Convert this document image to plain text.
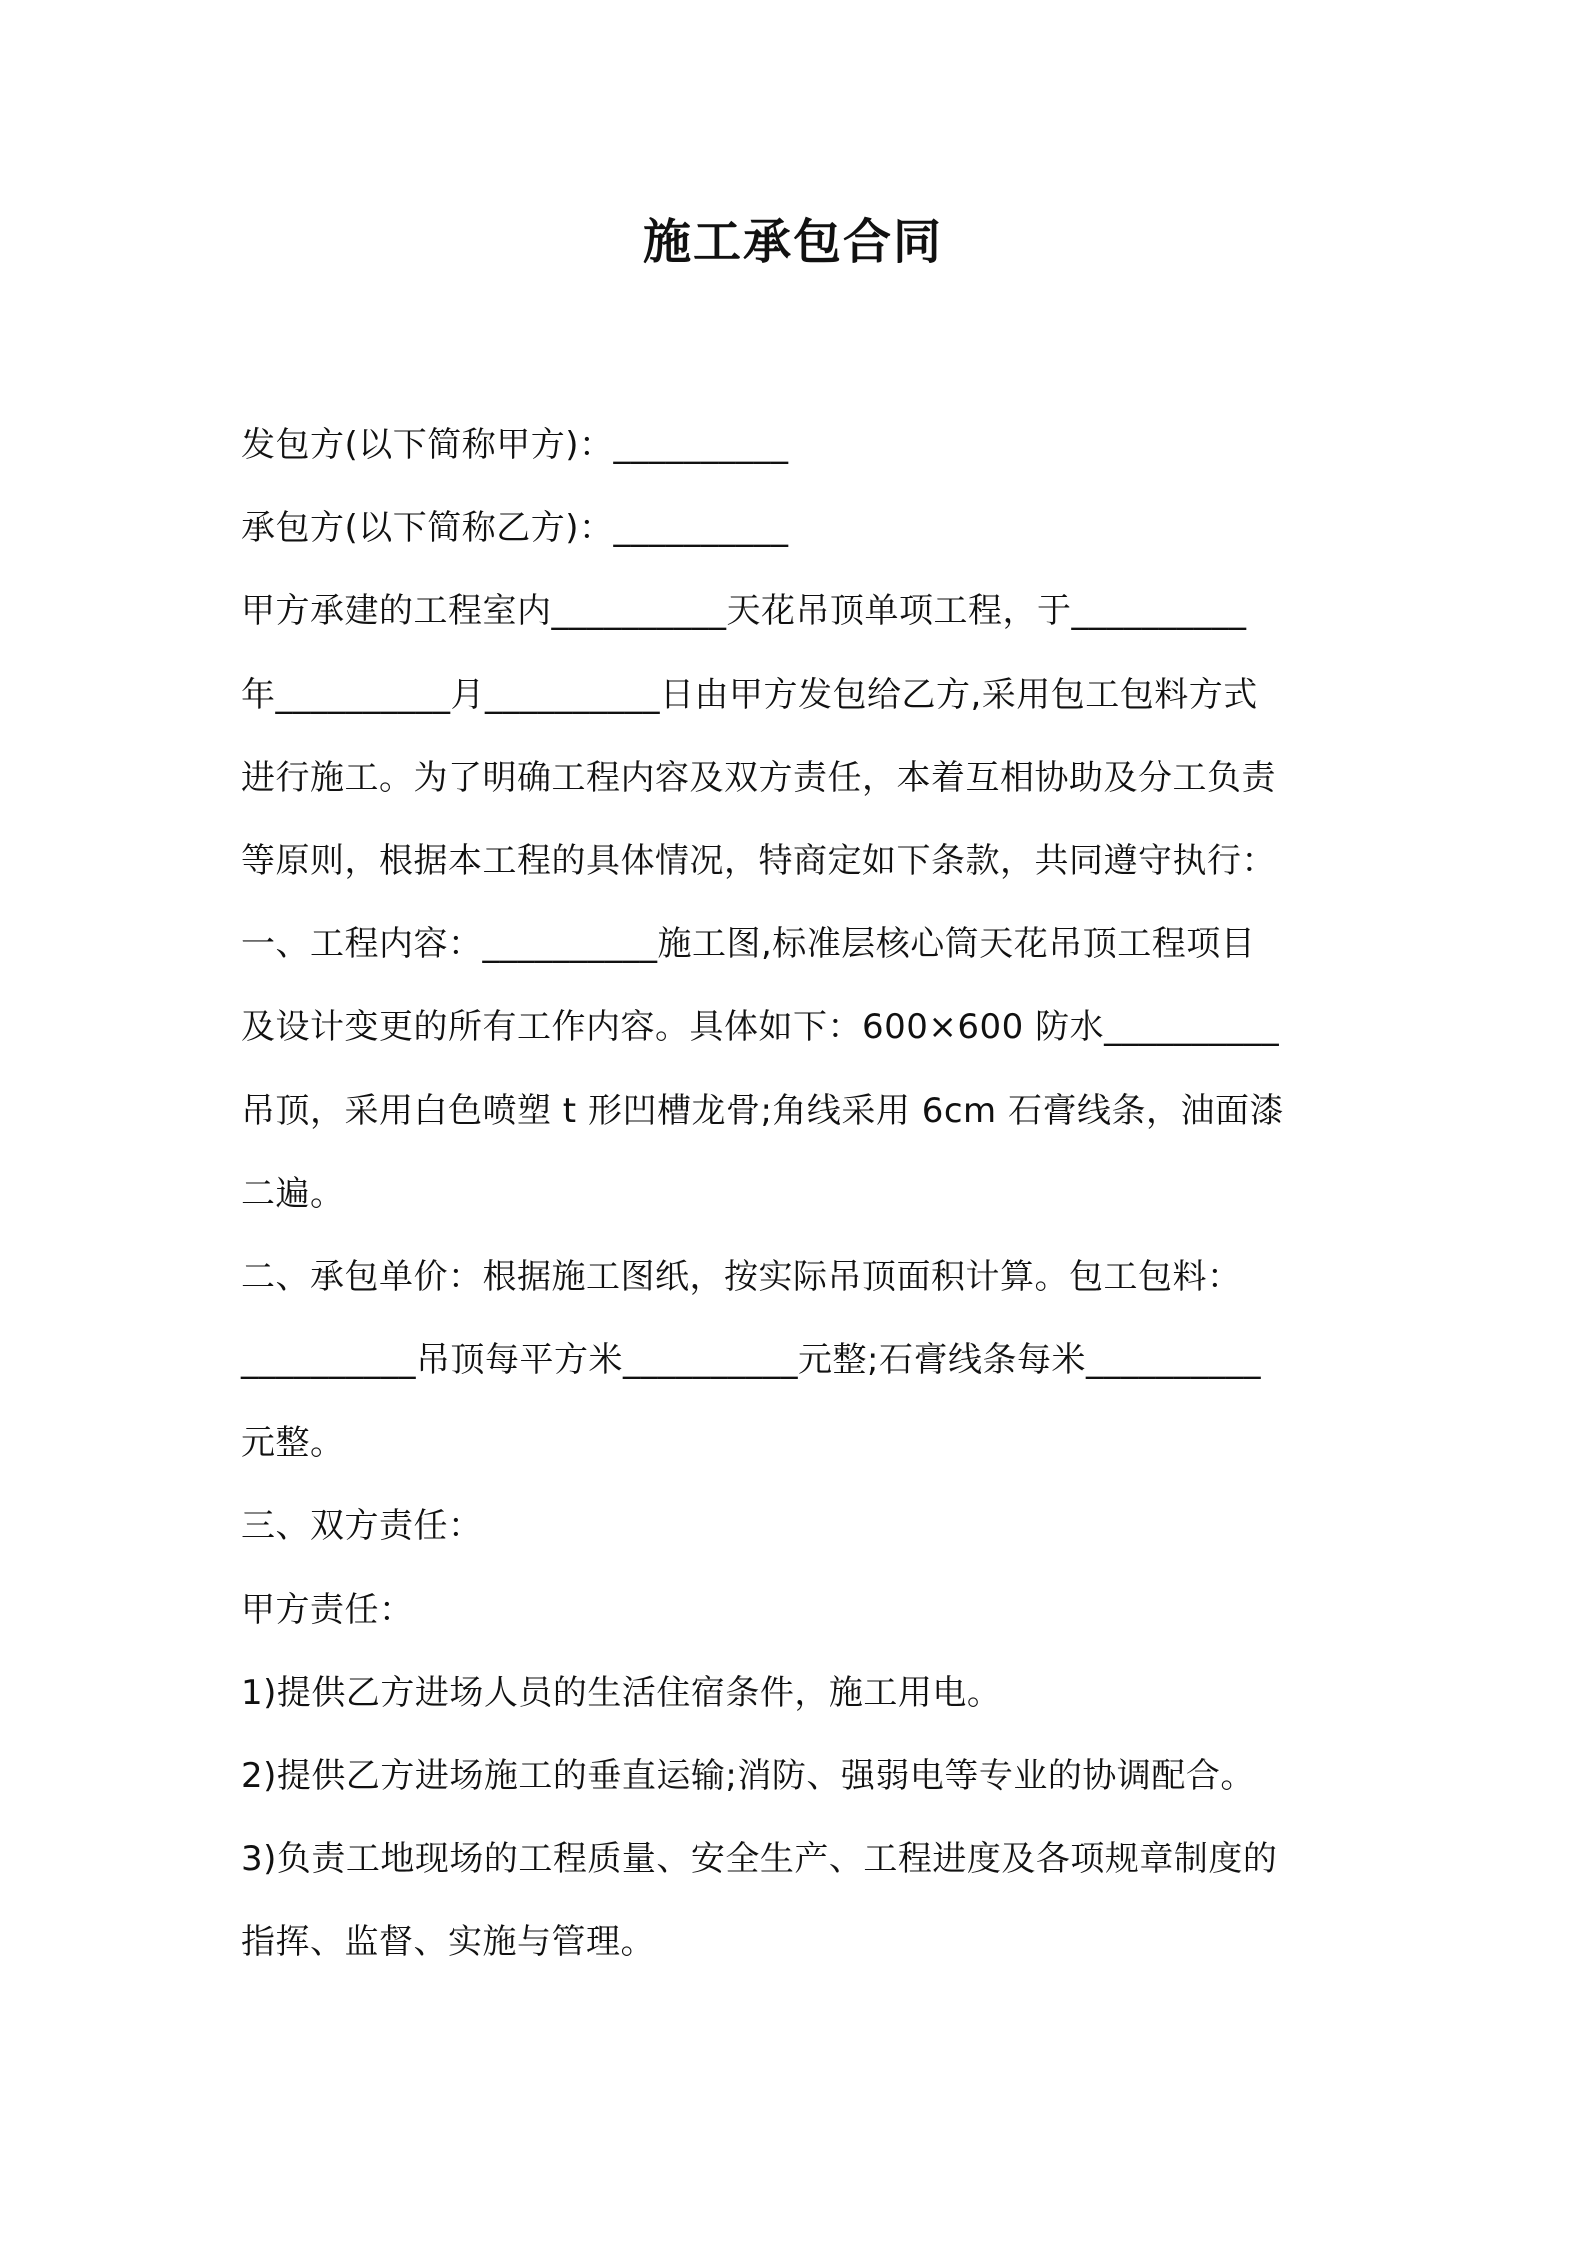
施工承包合同
发包方(以下简称甲方)：__________
承包方(以下简称乙方)：__________
甲方承建的工程室内__________天花吊顶单项工程，于__________
年__________月__________日由甲方发包给乙方,采用包工包料方式
进行施工。为了明确工程内容及双方责任，本着互相协助及分工负责
等原则，根据本工程的具体情况，特商定如下条款，共同遵守执行：
一、工程内容：__________施工图,标准层核心筒天花吊顶工程项目
及设计变更的所有工作内容。具体如下：600×600 防水__________
吊顶，采用白色喷塑 t 形凹槽龙骨;角线采用 6cm 石膏线条，油面漆
二遍。
二、承包单价：根据施工图纸，按实际吊顶面积计算。包工包料：
__________吊顶每平方米__________元整;石膏线条每米__________
元整。
三、双方责任：
甲方责任：
1)提供乙方进场人员的生活住宿条件，施工用电。
2)提供乙方进场施工的垂直运输;消防、强弱电等专业的协调配合。
3)负责工地现场的工程质量、安全生产、工程进度及各项规章制度的
指挥、监督、实施与管理。
